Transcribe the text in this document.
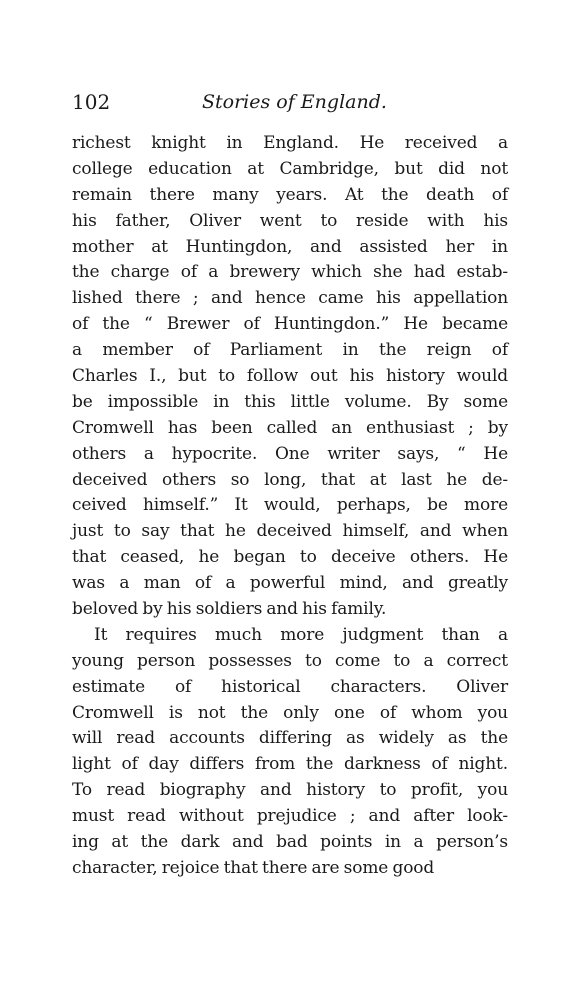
102	Stories of England.
richest knight in England. He received a
college education at Cambridge, but did not
remain there many years. At the death of
his father, Oliver went to reside with his
mother at Huntingdon, and assisted her in
the charge of a brewery which she had estab-
lished there ; and hence came his appellation
of the “ Brewer of Huntingdon.” He became
a member of Parliament in the reign of
Charles I., but to follow out his history would
be impossible in this little volume. By some
Cromwell has been called an enthusiast ; by
others a hypocrite. One writer says, “ He
deceived others so long, that at last he de-
ceived himself.” It would, perhaps, be more
just to say that he deceived himself, and when
that ceased, he began to deceive others. He
was a man of a powerful mind, and greatly
beloved by his soldiers and his family.
It requires much more judgment than a
young person possesses to come to a correct
estimate of historical characters. Oliver
Cromwell is not the only one of whom you
will read accounts differing as widely as the
light of day differs from the darkness of night.
To read biography and history to profit, you
must read without prejudice ; and after look-
ing at the dark and bad points in a person’s
character, rejoice that there are some good
